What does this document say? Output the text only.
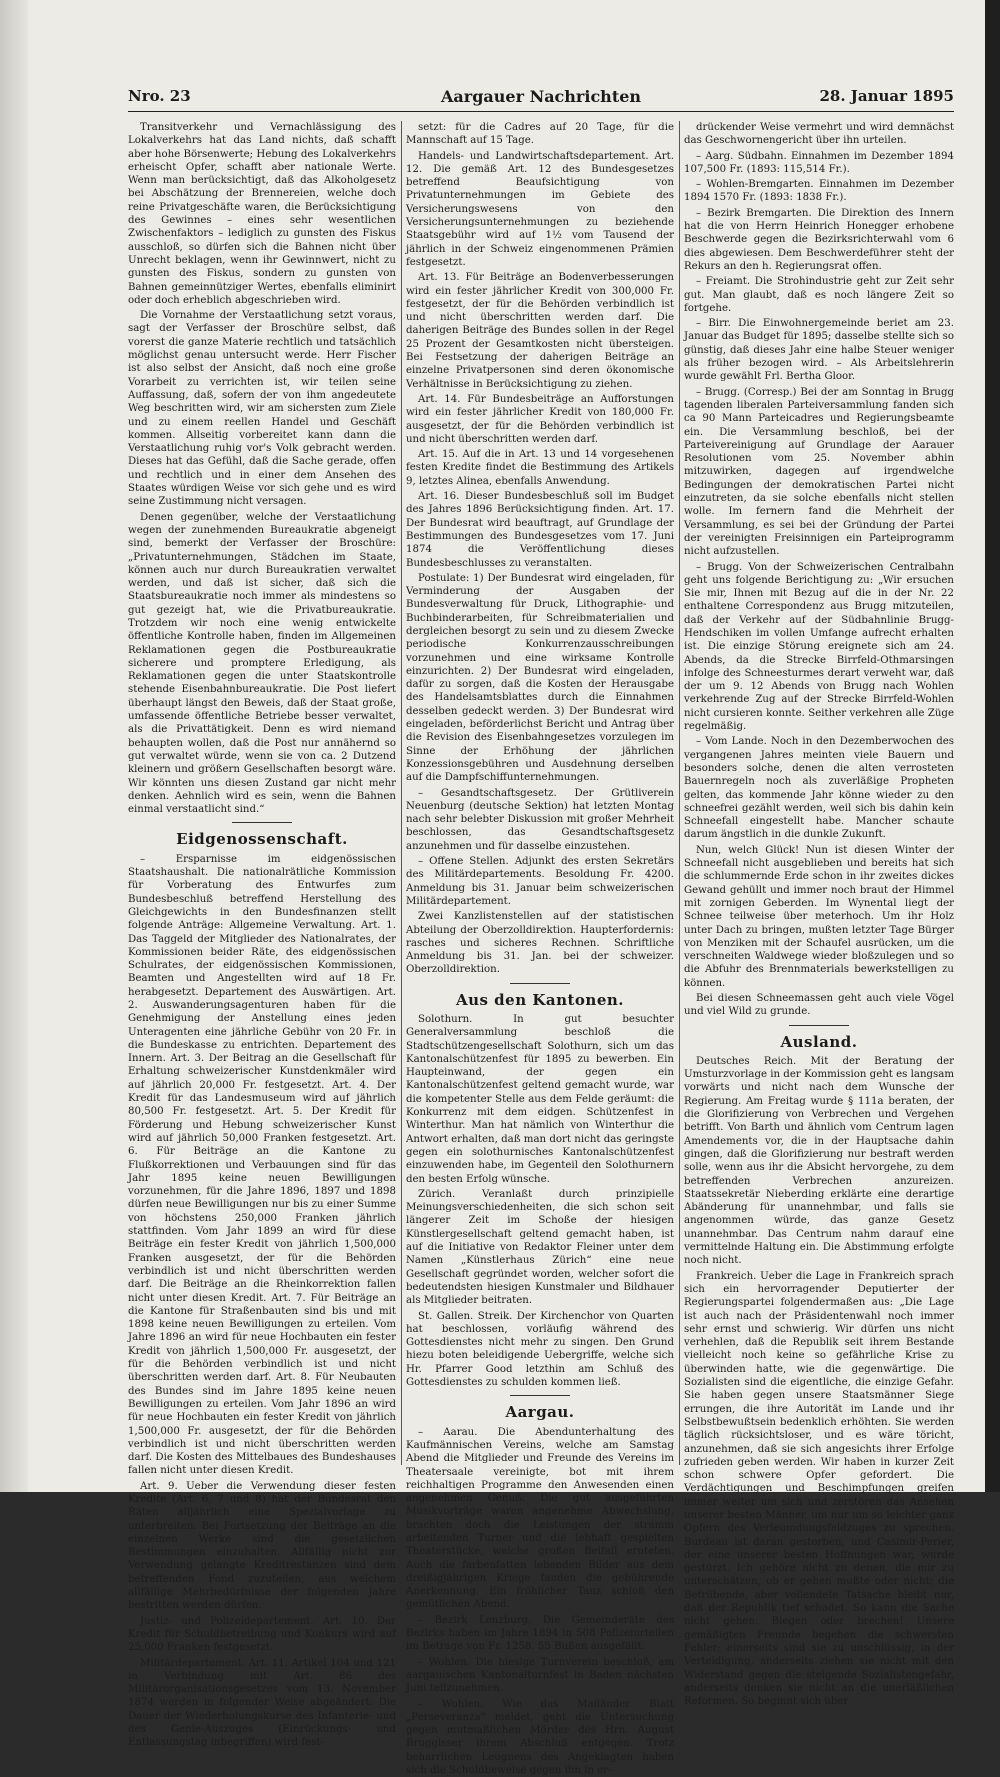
Nro. 23	Aargauer Nachrichten	28. Januar 1895

Transitverkehr und Vernachlässigung des Lokalverkehrs hat das Land nichts, daß schafft aber hohe Börsenwerte; Hebung des Lokalverkehrs erheischt Opfer, schafft aber nationale Werte. Wenn man berücksichtigt, daß das Alkoholgesetz bei Abschätzung der Brennereien, welche doch reine Privatgeschäfte waren, die Berücksichtigung des Gewinnes – eines sehr wesentlichen Zwischenfaktors – lediglich zu gunsten des Fiskus ausschloß, so dürfen sich die Bahnen nicht über Unrecht beklagen, wenn ihr Gewinnwert, nicht zu gunsten des Fiskus, sondern zu gunsten von Bahnen gemeinnütziger Wertes, ebenfalls eliminirt oder doch erheblich abgeschrieben wird.

Die Vornahme der Verstaatlichung setzt voraus, sagt der Verfasser der Broschüre selbst, daß vorerst die ganze Materie rechtlich und tatsächlich möglichst genau untersucht werde. Herr Fischer ist also selbst der Ansicht, daß noch eine große Vorarbeit zu verrichten ist, wir teilen seine Auffassung, daß, sofern der von ihm angedeutete Weg beschritten wird, wir am sichersten zum Ziele und zu einem reellen Handel und Geschäft kommen. Allseitig vorbereitet kann dann die Verstaatlichung ruhig vor's Volk gebracht werden. Dieses hat das Gefühl, daß die Sache gerade, offen und rechtlich und in einer dem Ansehen des Staates würdigen Weise vor sich gehe und es wird seine Zustimmung nicht versagen.

Denen gegenüber, welche der Verstaatlichung wegen der zunehmenden Bureaukratie abgeneigt sind, bemerkt der Verfasser der Broschüre: „Privatunternehmungen, Städchen im Staate, können auch nur durch Bureaukratien verwaltet werden, und daß ist sicher, daß sich die Staatsbureaukratie noch immer als mindestens so gut gezeigt hat, wie die Privatbureaukratie. Trotzdem wir noch eine wenig entwickelte öffentliche Kontrolle haben, finden im Allgemeinen Reklamationen gegen die Postbureaukratie sicherere und promptere Erledigung, als Reklamationen gegen die unter Staatskontrolle stehende Eisenbahnbureaukratie. Die Post liefert überhaupt längst den Beweis, daß der Staat große, umfassende öffentliche Betriebe besser verwaltet, als die Privattätigkeit. Denn es wird niemand behaupten wollen, daß die Post nur annähernd so gut verwaltet würde, wenn sie von ca. 2 Dutzend kleinern und größern Gesellschaften besorgt wäre. Wir könnten uns diesen Zustand gar nicht mehr denken. Aehnlich wird es sein, wenn die Bahnen einmal verstaatlicht sind.“

Eidgenossenschaft.

– Ersparnisse im eidgenössischen Staatshaushalt. Die nationalrätliche Kommission für Vorberatung des Entwurfes zum Bundesbeschluß betreffend Herstellung des Gleichgewichts in den Bundesfinanzen stellt folgende Anträge: Allgemeine Verwaltung. Art. 1. Das Taggeld der Mitglieder des Nationalrates, der Kommissionen beider Räte, des eidgenössischen Schulrates, der eidgenössischen Kommissionen, Beamten und Angestellten wird auf 18 Fr. herabgesetzt. Departement des Auswärtigen. Art. 2. Auswanderungsagenturen haben für die Genehmigung der Anstellung eines jeden Unteragenten eine jährliche Gebühr von 20 Fr. in die Bundeskasse zu entrichten. Departement des Innern. Art. 3. Der Beitrag an die Gesellschaft für Erhaltung schweizerischer Kunstdenkmäler wird auf jährlich 20,000 Fr. festgesetzt. Art. 4. Der Kredit für das Landesmuseum wird auf jährlich 80,500 Fr. festgesetzt. Art. 5. Der Kredit für Förderung und Hebung schweizerischer Kunst wird auf jährlich 50,000 Franken festgesetzt. Art. 6. Für Beiträge an die Kantone zu Flußkorrektionen und Verbauungen sind für das Jahr 1895 keine neuen Bewilligungen vorzunehmen, für die Jahre 1896, 1897 und 1898 dürfen neue Bewilligungen nur bis zu einer Summe von höchstens 250,000 Franken jährlich stattfinden. Vom Jahr 1899 an wird für diese Beiträge ein fester Kredit von jährlich 1,500,000 Franken ausgesetzt, der für die Behörden verbindlich ist und nicht überschritten werden darf. Die Beiträge an die Rheinkorrektion fallen nicht unter diesen Kredit. Art. 7. Für Beiträge an die Kantone für Straßenbauten sind bis und mit 1898 keine neuen Bewilligungen zu erteilen. Vom Jahre 1896 an wird für neue Hochbauten ein fester Kredit von jährlich 1,500,000 Fr. ausgesetzt, der für die Behörden verbindlich ist und nicht überschritten werden darf. Art. 8. Für Neubauten des Bundes sind im Jahre 1895 keine neuen Bewilligungen zu erteilen. Vom Jahr 1896 an wird für neue Hochbauten ein fester Kredit von jährlich 1,500,000 Fr. ausgesetzt, der für die Behörden verbindlich ist und nicht überschritten werden darf. Die Kosten des Mittelbaues des Bundeshauses fallen nicht unter diesen Kredit.

Art. 9. Ueber die Verwendung dieser festen Kredite (Art. 6, 7 und 8) hat der Bundesrat den Räten alljährlich eine Spezialvorlage zu unterbreiten. Bei Fortsetzung der Beiträge an die einzelnen Werke sind die gesetzlichen Bestimmungen einzuhalten. Allfällig nicht zur Verwendung gelangte Kreditrestanzen sind dem betreffenden Fond zuzuteilen, aus welchem allfällige Mehrbedürfnisse der folgenden Jahre bestritten werden dürfen.

Justiz- und Polizeidepartement. Art. 10. Der Kredit für Schuldbetreibung und Konkurs wird auf 25,000 Franken festgesetzt.

Militärdepartement. Art. 11. Artikel 104 und 121 in Verbindung mit Art. 86 des Militärorganisationsgesetzes vom 13. November 1874 werden in folgender Weise abgeändert: Die Dauer der Wiederholungskurse des Infanterie- und des Genie-Auszuges (Einrückungs- und Entlassungstag inbegriffen) wird fest-

setzt: für die Cadres auf 20 Tage, für die Mannschaft auf 15 Tage.

Handels- und Landwirtschaftsdepartement. Art. 12. Die gemäß Art. 12 des Bundesgesetzes betreffend Beaufsichtigung von Privatunternehmungen im Gebiete des Versicherungswesens von den Versicherungsunternehmungen zu beziehende Staatsgebühr wird auf 1½ vom Tausend der jährlich in der Schweiz eingenommenen Prämien festgesetzt.

Art. 13. Für Beiträge an Bodenverbesserungen wird ein fester jährlicher Kredit von 300,000 Fr. festgesetzt, der für die Behörden verbindlich ist und nicht überschritten werden darf. Die daherigen Beiträge des Bundes sollen in der Regel 25 Prozent der Gesamtkosten nicht übersteigen. Bei Festsetzung der daherigen Beiträge an einzelne Privatpersonen sind deren ökonomische Verhältnisse in Berücksichtigung zu ziehen.

Art. 14. Für Bundesbeiträge an Aufforstungen wird ein fester jährlicher Kredit von 180,000 Fr. ausgesetzt, der für die Behörden verbindlich ist und nicht überschritten werden darf.

Art. 15. Auf die in Art. 13 und 14 vorgesehenen festen Kredite findet die Bestimmung des Artikels 9, letztes Alinea, ebenfalls Anwendung.

Art. 16. Dieser Bundesbeschluß soll im Budget des Jahres 1896 Berücksichtigung finden. Art. 17. Der Bundesrat wird beauftragt, auf Grundlage der Bestimmungen des Bundesgesetzes vom 17. Juni 1874 die Veröffentlichung dieses Bundesbeschlusses zu veranstalten.

Postulate: 1) Der Bundesrat wird eingeladen, für Verminderung der Ausgaben der Bundesverwaltung für Druck, Lithographie- und Buchbinderarbeiten, für Schreibmaterialien und dergleichen besorgt zu sein und zu diesem Zwecke periodische Konkurrenzausschreibungen vorzunehmen und eine wirksame Kontrolle einzurichten. 2) Der Bundesrat wird eingeladen, dafür zu sorgen, daß die Kosten der Herausgabe des Handelsamtsblattes durch die Einnahmen desselben gedeckt werden. 3) Der Bundesrat wird eingeladen, beförderlichst Bericht und Antrag über die Revision des Eisenbahngesetzes vorzulegen im Sinne der Erhöhung der jährlichen Konzessionsgebühren und Ausdehnung derselben auf die Dampfschiffunternehmungen.

– Gesandtschaftsgesetz. Der Grütliverein Neuenburg (deutsche Sektion) hat letzten Montag nach sehr belebter Diskussion mit großer Mehrheit beschlossen, das Gesandtschaftsgesetz anzunehmen und für dasselbe einzustehen.

– Offene Stellen. Adjunkt des ersten Sekretärs des Militärdepartements. Besoldung Fr. 4200. Anmeldung bis 31. Januar beim schweizerischen Militärdepartement.

Zwei Kanzlistenstellen auf der statistischen Abteilung der Oberzolldirektion. Haupterfordernis: rasches und sicheres Rechnen. Schriftliche Anmeldung bis 31. Jan. bei der schweizer. Oberzolldirektion.

Aus den Kantonen.

Solothurn. In gut besuchter Generalversammlung beschloß die Stadtschützengesellschaft Solothurn, sich um das Kantonalschützenfest für 1895 zu bewerben. Ein Haupteinwand, der gegen ein Kantonalschützenfest geltend gemacht wurde, war die kompetenter Stelle aus dem Felde geräumt: die Konkurrenz mit dem eidgen. Schützenfest in Winterthur. Man hat nämlich von Winterthur die Antwort erhalten, daß man dort nicht das geringste gegen ein solothurnisches Kantonalschützenfest einzuwenden habe, im Gegenteil den Solothurnern den besten Erfolg wünsche.

Zürich. Veranlaßt durch prinzipielle Meinungsverschiedenheiten, die sich schon seit längerer Zeit im Schoße der hiesigen Künstlergesellschaft geltend gemacht haben, ist auf die Initiative von Redaktor Fleiner unter dem Namen „Künstlerhaus Zürich“ eine neue Gesellschaft gegründet worden, welcher sofort die bedeutendsten hiesigen Kunstmaler und Bildhauer als Mitglieder beitraten.

St. Gallen. Streik. Der Kirchenchor von Quarten hat beschlossen, vorläufig während des Gottesdienstes nicht mehr zu singen. Den Grund hiezu boten beleidigende Uebergriffe, welche sich Hr. Pfarrer Good letzthin am Schluß des Gottesdienstes zu schulden kommen ließ.

Aargau.

– Aarau. Die Abendunterhaltung des Kaufmännischen Vereins, welche am Samstag Abend die Mitglieder und Freunde des Vereins im Theatersaale vereinigte, bot mit ihrem reichhaltigen Programme den Anwesenden einen angenehmen Genuß. Die gut ausgeführten Musikvorträge waren angenehme Abwechslung, brachten doch die Leistungen der stramm arbeitenden Turner und die lebhaft gespielten Theaterstücke, welche großen Beifall ernteten. Auch die farbenfatten lebenden Bilder aus dem dreißigjährigen Kriege fanden die gebührende Anerkennung. Ein fröhlicher Tanz schloß den gemütlichen Abend.

– Bezirk Lenzburg. Die Gemeinderäte des Bezirks haben im Jahre 1894 in 508 Polizeiurteilen im Betrage von Fr. 1258. 55 Bußen ausgefällt.

– Wohlen. Die hiesige Turnverein beschloß, am aargauischen Kantonalturnfest in Baden nächsten Juni teilzunehmen.

– Wohlen. Wie das Mailänder Blatt „Perseveranza“ meldet, geht die Untersuchung gegen mutmaßlichen Mörder des Hrn. August Bruggisser ihrem Abschluß entgegen. Trotz beharrlichen Leugnens des Angeklagten haben sich die Schuldbeweise gegen ihn in er-

drückender Weise vermehrt und wird demnächst das Geschwornengericht über ihn urteilen.

– Aarg. Südbahn. Einnahmen im Dezember 1894 107,500 Fr. (1893: 115,514 Fr.).

– Wohlen-Bremgarten. Einnahmen im Dezember 1894 1570 Fr. (1893: 1838 Fr.).

– Bezirk Bremgarten. Die Direktion des Innern hat die von Herrn Heinrich Honegger erhobene Beschwerde gegen die Bezirksrichterwahl vom 6 dies abgewiesen. Dem Beschwerdeführer steht der Rekurs an den h. Regierungsrat offen.

– Freiamt. Die Strohindustrie geht zur Zeit sehr gut. Man glaubt, daß es noch längere Zeit so fortgehe.

– Birr. Die Einwohnergemeinde beriet am 23. Januar das Budget für 1895; dasselbe stellte sich so günstig, daß dieses Jahr eine halbe Steuer weniger als früher bezogen wird. – Als Arbeitslehrerin wurde gewählt Frl. Bertha Gloor.

– Brugg. (Corresp.) Bei der am Sonntag in Brugg tagenden liberalen Parteiversammlung fanden sich ca 90 Mann Parteicadres und Regierungsbeamte ein. Die Versammlung beschloß, bei der Parteivereinigung auf Grundlage der Aarauer Resolutionen vom 25. November abhin mitzuwirken, dagegen auf irgendwelche Bedingungen der demokratischen Partei nicht einzutreten, da sie solche ebenfalls nicht stellen wolle. Im fernern fand die Mehrheit der Versammlung, es sei bei der Gründung der Partei der vereinigten Freisinnigen ein Parteiprogramm nicht aufzustellen.

– Brugg. Von der Schweizerischen Centralbahn geht uns folgende Berichtigung zu: „Wir ersuchen Sie mir, Ihnen mit Bezug auf die in der Nr. 22 enthaltene Correspondenz aus Brugg mitzuteilen, daß der Verkehr auf der Südbahnlinie Brugg-Hendschiken im vollen Umfange aufrecht erhalten ist. Die einzige Störung ereignete sich am 24. Abends, da die Strecke Birrfeld-Othmarsingen infolge des Schneesturmes derart verweht war, daß der um 9. 12 Abends von Brugg nach Wohlen verkehrende Zug auf der Strecke Birrfeld-Wohlen nicht cursieren konnte. Seither verkehren alle Züge regelmäßig.

– Vom Lande. Noch in den Dezemberwochen des vergangenen Jahres meinten viele Bauern und besonders solche, denen die alten verrosteten Bauernregeln noch als zuverläßige Propheten gelten, das kommende Jahr könne wieder zu den schneefrei gezählt werden, weil sich bis dahin kein Schneefall eingestellt habe. Mancher schaute darum ängstlich in die dunkle Zukunft.

Nun, welch Glück! Nun ist diesen Winter der Schneefall nicht ausgeblieben und bereits hat sich die schlummernde Erde schon in ihr zweites dickes Gewand gehüllt und immer noch braut der Himmel mit zornigen Geberden. Im Wynental liegt der Schnee teilweise über meterhoch. Um ihr Holz unter Dach zu bringen, mußten letzter Tage Bürger von Menziken mit der Schaufel ausrücken, um die verschneiten Waldwege wieder bloßzulegen und so die Abfuhr des Brennmaterials bewerkstelligen zu können.

Bei diesen Schneemassen geht auch viele Vögel und viel Wild zu grunde.

Ausland.

Deutsches Reich. Mit der Beratung der Umsturzvorlage in der Kommission geht es langsam vorwärts und nicht nach dem Wunsche der Regierung. Am Freitag wurde § 111a beraten, der die Glorifizierung von Verbrechen und Vergehen betrifft. Von Barth und ähnlich vom Centrum lagen Amendements vor, die in der Hauptsache dahin gingen, daß die Glorifizierung nur bestraft werden solle, wenn aus ihr die Absicht hervorgehe, zu dem betreffenden Verbrechen anzureizen. Staatssekretär Nieberding erklärte eine derartige Abänderung für unannehmbar, und falls sie angenommen würde, das ganze Gesetz unannehmbar. Das Centrum nahm darauf eine vermittelnde Haltung ein. Die Abstimmung erfolgte noch nicht.

Frankreich. Ueber die Lage in Frankreich sprach sich ein hervorragender Deputierter der Regierungspartei folgendermaßen aus: „Die Lage ist auch nach der Präsidentenwahl noch immer sehr ernst und schwierig. Wir dürfen uns nicht verhehlen, daß die Republik seit ihrem Bestande vielleicht noch keine so gefährliche Krise zu überwinden hatte, wie die gegenwärtige. Die Sozialisten sind die eigentliche, die einzige Gefahr. Sie haben gegen unsere Staatsmänner Siege errungen, die ihre Autorität im Lande und ihr Selbstbewußtsein bedenklich erhöhten. Sie werden täglich rücksichtsloser, und es wäre töricht, anzunehmen, daß sie sich angesichts ihrer Erfolge zufrieden geben werden. Wir haben in kurzer Zeit schon schwere Opfer gefordert. Die Verdächtigungen und Beschimpfungen greifen immer weiter um sich und zerstören das Ansehen unserer besten Männer, um nur um so leichter ganz Opfern des Verleumdungsfeldzuges zu sprechen. Burdeau ist daran gestorben, und Casimir-Perier, der eine unserer besten Hoffnungen war, wurde gestürzt. Ich gehöre nicht zu denen, die mir zu unterschätzen, ob er gehen mußte oder nicht; die Betrübende, aber vollendete Tatsache bleibt nur, daß der Republik tief schadet. So kann die Sache nicht gehen: Biegen oder brechen! Unsere gemäßigten Freunde begehen die schwersten Fehler; einerseits sind sie zu unschlüssig, in der Verteidigung, anderseits ziehen sie nicht mit den Widerstand gegen die steigende Sozialistengefahr, anderseits denken sie nicht an die unerläßlichen Reformen. So beginnt sich über
